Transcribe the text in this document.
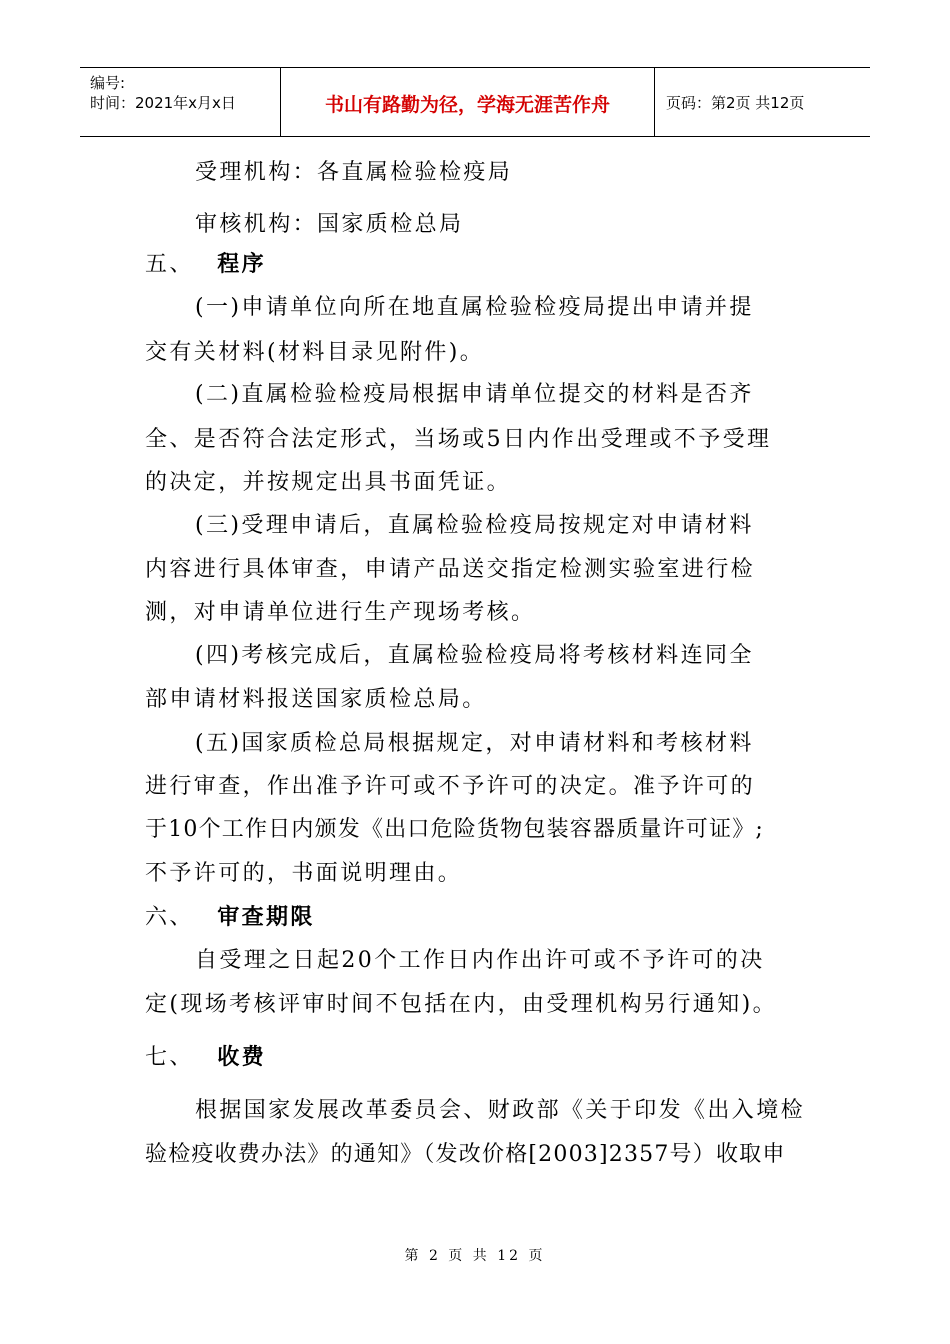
编号:
时间：2021年x月x日	书山有路勤为径，学海无涯苦作舟	页码：第2页 共12页
受理机构：各直属检验检疫局
审核机构：国家质检总局
五、 程序
(一)申请单位向所在地直属检验检疫局提出申请并提
交有关材料(材料目录见附件)。
(二)直属检验检疫局根据申请单位提交的材料是否齐
全、是否符合法定形式，当场或5日内作出受理或不予受理
的决定，并按规定出具书面凭证。
(三)受理申请后，直属检验检疫局按规定对申请材料
内容进行具体审查，申请产品送交指定检测实验室进行检
测，对申请单位进行生产现场考核。
(四)考核完成后，直属检验检疫局将考核材料连同全
部申请材料报送国家质检总局。
(五)国家质检总局根据规定，对申请材料和考核材料
进行审查，作出准予许可或不予许可的决定。准予许可的
于10个工作日内颁发《出口危险货物包装容器质量许可证》;
不予许可的，书面说明理由。
六、 审查期限
自受理之日起20个工作日内作出许可或不予许可的决
定(现场考核评审时间不包括在内，由受理机构另行通知)。
七、 收费
根据国家发展改革委员会、财政部《关于印发《出入境检
验检疫收费办法》的通知》（发改价格[2003]2357号）收取申
第 2 页 共 12 页
